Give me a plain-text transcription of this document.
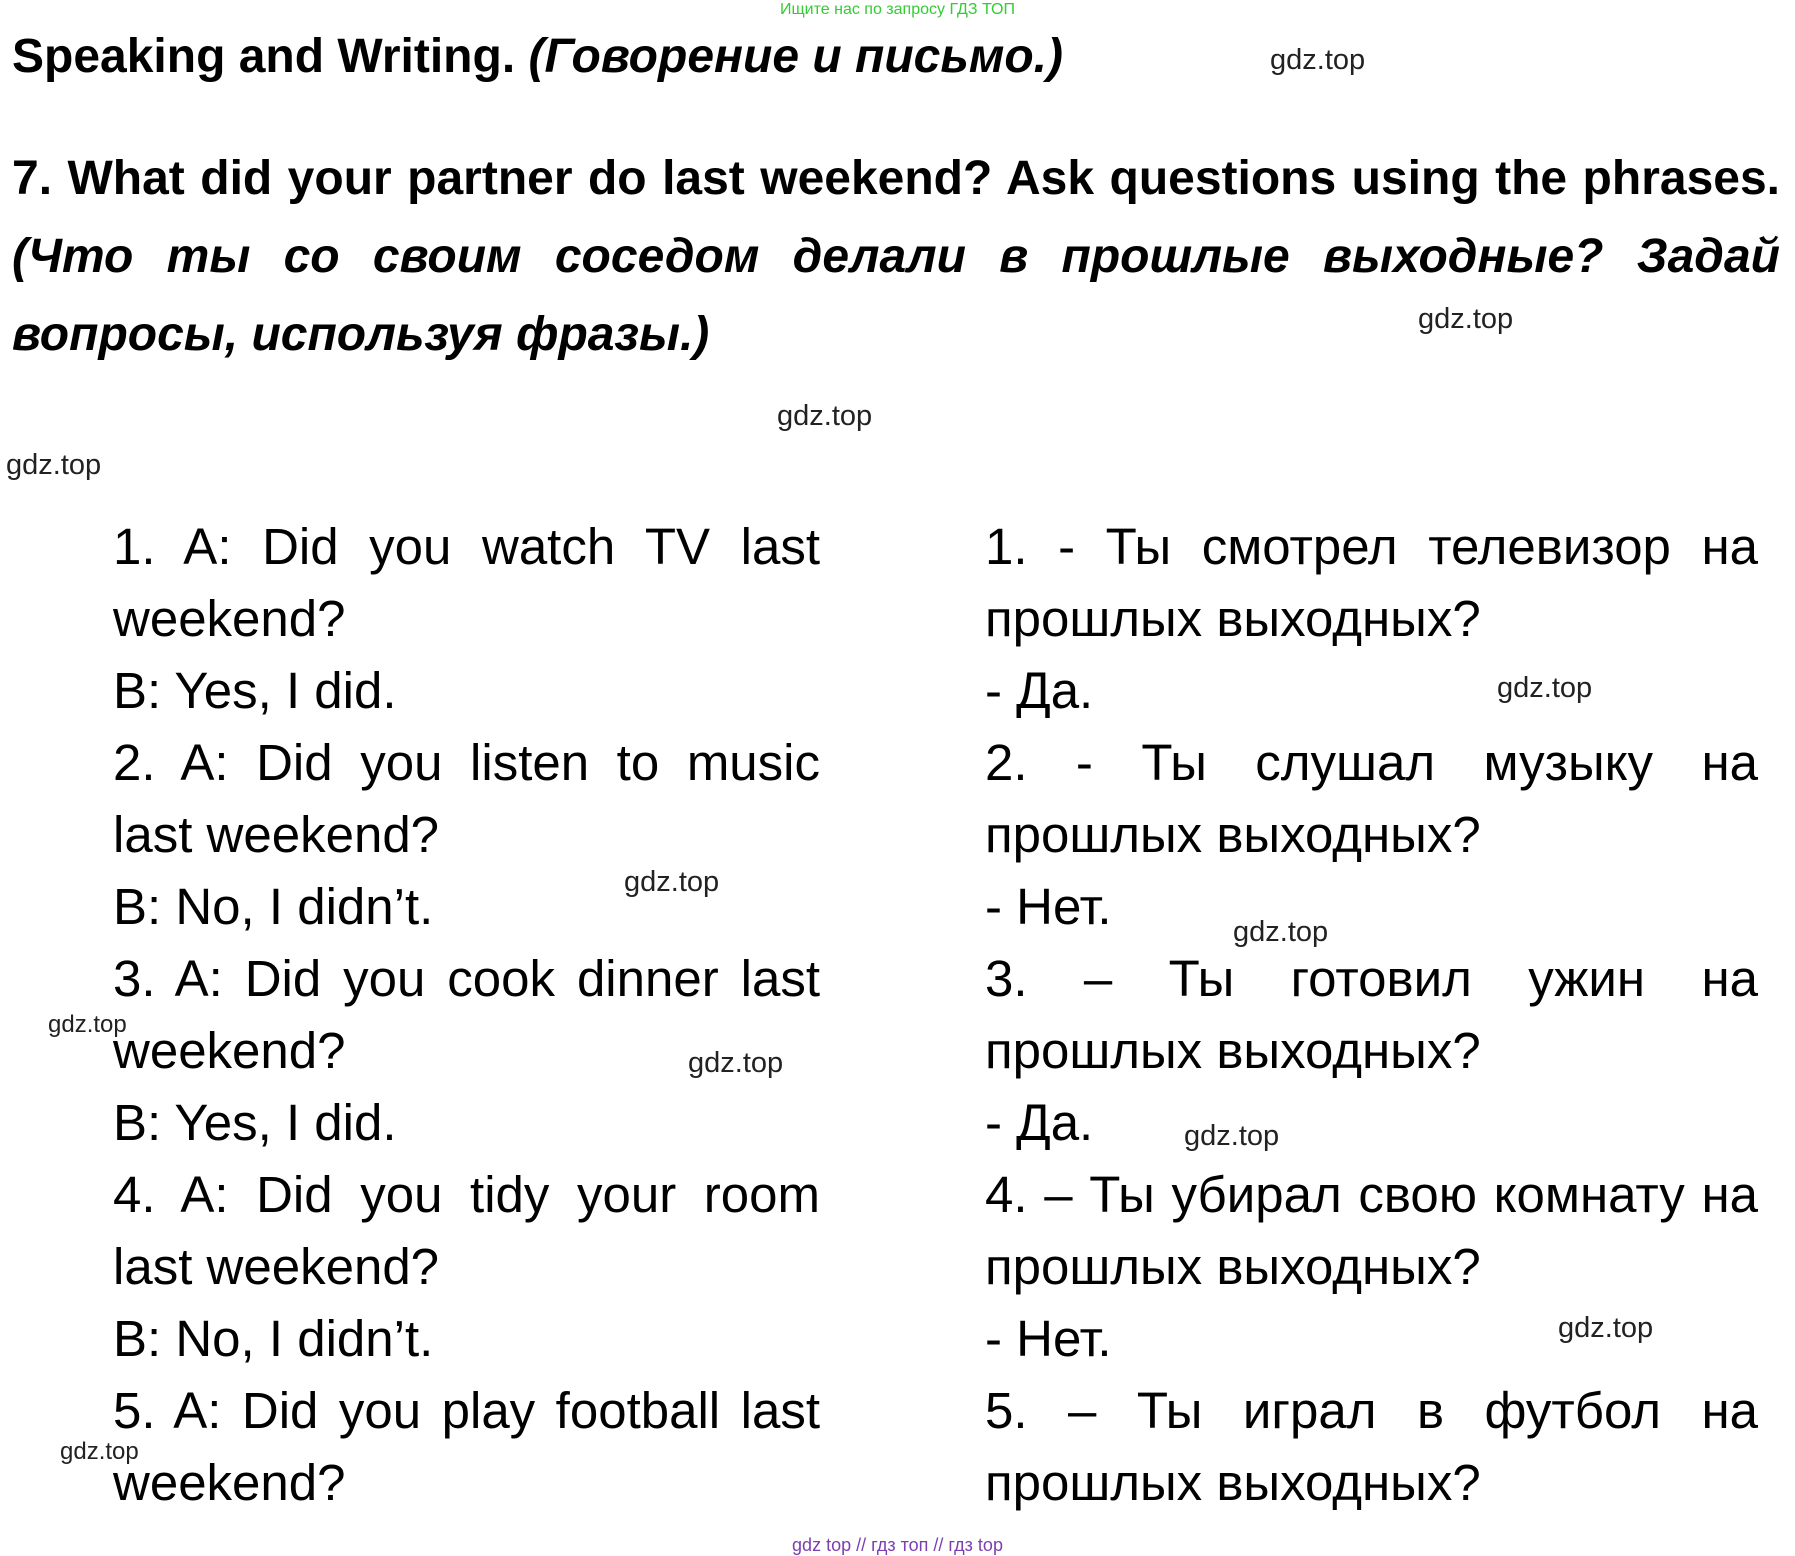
Ищите нас по запросу ГДЗ ТОП
Speaking and Writing. (Говорение и письмо.)
7. What did your partner do last weekend? Ask questions using the phrases. (Что ты со своим соседом делали в прошлые выходные? Задай вопросы, используя фразы.)
gdz.top
gdz.top
gdz.top
gdz.top
gdz.top
gdz.top
gdz.top
gdz.top
gdz.top
gdz.top
gdz.top
gdz.top
1. A: Did you watch TV last
weekend?
B: Yes, I did.
2. A: Did you listen to music
last weekend?
B: No, I didn’t.
3. A: Did you cook dinner last
weekend?
B: Yes, I did.
4. A: Did you tidy your room
last weekend?
B: No, I didn’t.
5. A: Did you play football last
weekend?
1. - Ты смотрел телевизор на
прошлых выходных?
- Да.
2. - Ты слушал музыку на
прошлых выходных?
- Нет.
3. – Ты готовил ужин на
прошлых выходных?
- Да.
4. – Ты убирал свою комнату на
прошлых выходных?
- Нет.
5. – Ты играл в футбол на
прошлых выходных?
gdz top // гдз топ // гдз top
